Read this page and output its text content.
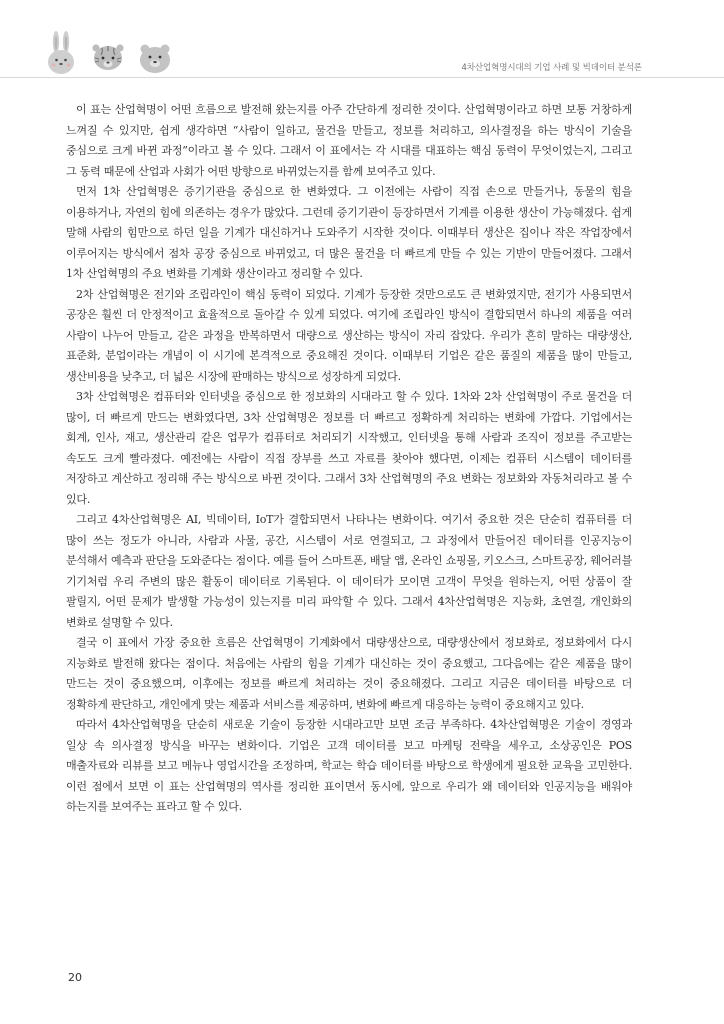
4차산업혁명시대의 기업 사례 및 빅데이터 분석론

이 표는 산업혁명이 어떤 흐름으로 발전해 왔는지를 아주 간단하게 정리한 것이다. 산업혁명이라고 하면 보통 거창하게 느껴질 수 있지만, 쉽게 생각하면 “사람이 일하고, 물건을 만들고, 정보를 처리하고, 의사결정을 하는 방식이 기술을 중심으로 크게 바뀐 과정”이라고 볼 수 있다. 그래서 이 표에서는 각 시대를 대표하는 핵심 동력이 무엇이었는지, 그리고 그 동력 때문에 산업과 사회가 어떤 방향으로 바뀌었는지를 함께 보여주고 있다.

먼저 1차 산업혁명은 증기기관을 중심으로 한 변화였다. 그 이전에는 사람이 직접 손으로 만들거나, 동물의 힘을 이용하거나, 자연의 힘에 의존하는 경우가 많았다. 그런데 증기기관이 등장하면서 기계를 이용한 생산이 가능해졌다. 쉽게 말해 사람의 힘만으로 하던 일을 기계가 대신하거나 도와주기 시작한 것이다. 이때부터 생산은 집이나 작은 작업장에서 이루어지는 방식에서 점차 공장 중심으로 바뀌었고, 더 많은 물건을 더 빠르게 만들 수 있는 기반이 만들어졌다. 그래서 1차 산업혁명의 주요 변화를 기계화 생산이라고 정리할 수 있다.

2차 산업혁명은 전기와 조립라인이 핵심 동력이 되었다. 기계가 등장한 것만으로도 큰 변화였지만, 전기가 사용되면서 공장은 훨씬 더 안정적이고 효율적으로 돌아갈 수 있게 되었다. 여기에 조립라인 방식이 결합되면서 하나의 제품을 여러 사람이 나누어 만들고, 같은 과정을 반복하면서 대량으로 생산하는 방식이 자리 잡았다. 우리가 흔히 말하는 대량생산, 표준화, 분업이라는 개념이 이 시기에 본격적으로 중요해진 것이다. 이때부터 기업은 같은 품질의 제품을 많이 만들고, 생산비용을 낮추고, 더 넓은 시장에 판매하는 방식으로 성장하게 되었다.

3차 산업혁명은 컴퓨터와 인터넷을 중심으로 한 정보화의 시대라고 할 수 있다. 1차와 2차 산업혁명이 주로 물건을 더 많이, 더 빠르게 만드는 변화였다면, 3차 산업혁명은 정보를 더 빠르고 정확하게 처리하는 변화에 가깝다. 기업에서는 회계, 인사, 재고, 생산관리 같은 업무가 컴퓨터로 처리되기 시작했고, 인터넷을 통해 사람과 조직이 정보를 주고받는 속도도 크게 빨라졌다. 예전에는 사람이 직접 장부를 쓰고 자료를 찾아야 했다면, 이제는 컴퓨터 시스템이 데이터를 저장하고 계산하고 정리해 주는 방식으로 바뀐 것이다. 그래서 3차 산업혁명의 주요 변화는 정보화와 자동처리라고 볼 수 있다.

그리고 4차산업혁명은 AI, 빅데이터, IoT가 결합되면서 나타나는 변화이다. 여기서 중요한 것은 단순히 컴퓨터를 더 많이 쓰는 정도가 아니라, 사람과 사물, 공간, 시스템이 서로 연결되고, 그 과정에서 만들어진 데이터를 인공지능이 분석해서 예측과 판단을 도와준다는 점이다. 예를 들어 스마트폰, 배달 앱, 온라인 쇼핑몰, 키오스크, 스마트공장, 웨어러블 기기처럼 우리 주변의 많은 활동이 데이터로 기록된다. 이 데이터가 모이면 고객이 무엇을 원하는지, 어떤 상품이 잘 팔릴지, 어떤 문제가 발생할 가능성이 있는지를 미리 파악할 수 있다. 그래서 4차산업혁명은 지능화, 초연결, 개인화의 변화로 설명할 수 있다.

결국 이 표에서 가장 중요한 흐름은 산업혁명이 기계화에서 대량생산으로, 대량생산에서 정보화로, 정보화에서 다시 지능화로 발전해 왔다는 점이다. 처음에는 사람의 힘을 기계가 대신하는 것이 중요했고, 그다음에는 같은 제품을 많이 만드는 것이 중요했으며, 이후에는 정보를 빠르게 처리하는 것이 중요해졌다. 그리고 지금은 데이터를 바탕으로 더 정확하게 판단하고, 개인에게 맞는 제품과 서비스를 제공하며, 변화에 빠르게 대응하는 능력이 중요해지고 있다.

따라서 4차산업혁명을 단순히 새로운 기술이 등장한 시대라고만 보면 조금 부족하다. 4차산업혁명은 기술이 경영과 일상 속 의사결정 방식을 바꾸는 변화이다. 기업은 고객 데이터를 보고 마케팅 전략을 세우고, 소상공인은 POS 매출자료와 리뷰를 보고 메뉴나 영업시간을 조정하며, 학교는 학습 데이터를 바탕으로 학생에게 필요한 교육을 고민한다. 이런 점에서 보면 이 표는 산업혁명의 역사를 정리한 표이면서 동시에, 앞으로 우리가 왜 데이터와 인공지능을 배워야 하는지를 보여주는 표라고 할 수 있다.

20
